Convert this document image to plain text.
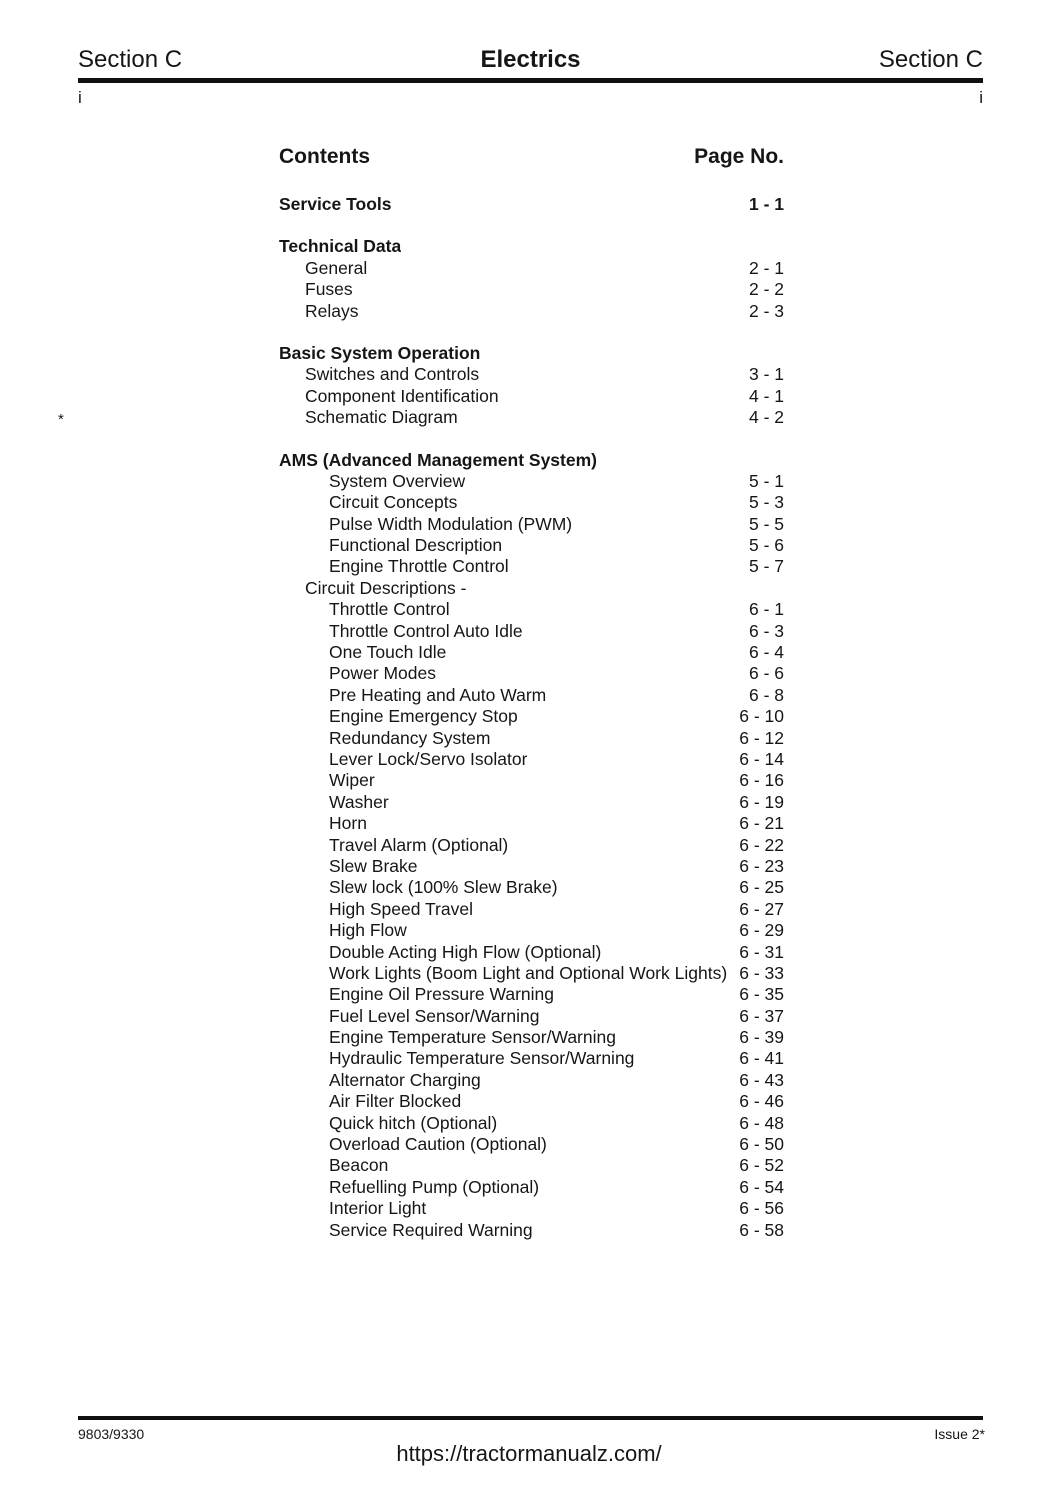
Section C	Electrics	Section C
i	i
Contents	Page No.
Service Tools	1 - 1
Technical Data
General	2 - 1
Fuses	2 - 2
Relays	2 - 3
Basic System Operation
Switches and Controls	3 - 1
Component Identification	4 - 1
*	Schematic Diagram	4 - 2
AMS (Advanced Management System)
System Overview	5 - 1
Circuit Concepts	5 - 3
Pulse Width Modulation (PWM)	5 - 5
Functional Description	5 - 6
Engine Throttle Control	5 - 7
Circuit Descriptions -
Throttle Control	6 - 1
Throttle Control Auto Idle	6 - 3
One Touch Idle	6 - 4
Power Modes	6 - 6
Pre Heating and Auto Warm	6 - 8
Engine Emergency Stop	6 - 10
Redundancy System	6 - 12
Lever Lock/Servo Isolator	6 - 14
Wiper	6 - 16
Washer	6 - 19
Horn	6 - 21
Travel Alarm (Optional)	6 - 22
Slew Brake	6 - 23
Slew lock (100% Slew Brake)	6 - 25
High Speed Travel	6 - 27
High Flow	6 - 29
Double Acting High Flow (Optional)	6 - 31
Work Lights (Boom Light and Optional Work Lights) 6 - 33
Engine Oil Pressure Warning	6 - 35
Fuel Level Sensor/Warning	6 - 37
Engine Temperature Sensor/Warning	6 - 39
Hydraulic Temperature Sensor/Warning	6 - 41
Alternator Charging	6 - 43
Air Filter Blocked	6 - 46
Quick hitch (Optional)	6 - 48
Overload Caution (Optional)	6 - 50
Beacon	6 - 52
Refuelling Pump (Optional)	6 - 54
Interior Light	6 - 56
Service Required Warning	6 - 58
9803/9330	Issue 2*
https://tractormanualz.com/
